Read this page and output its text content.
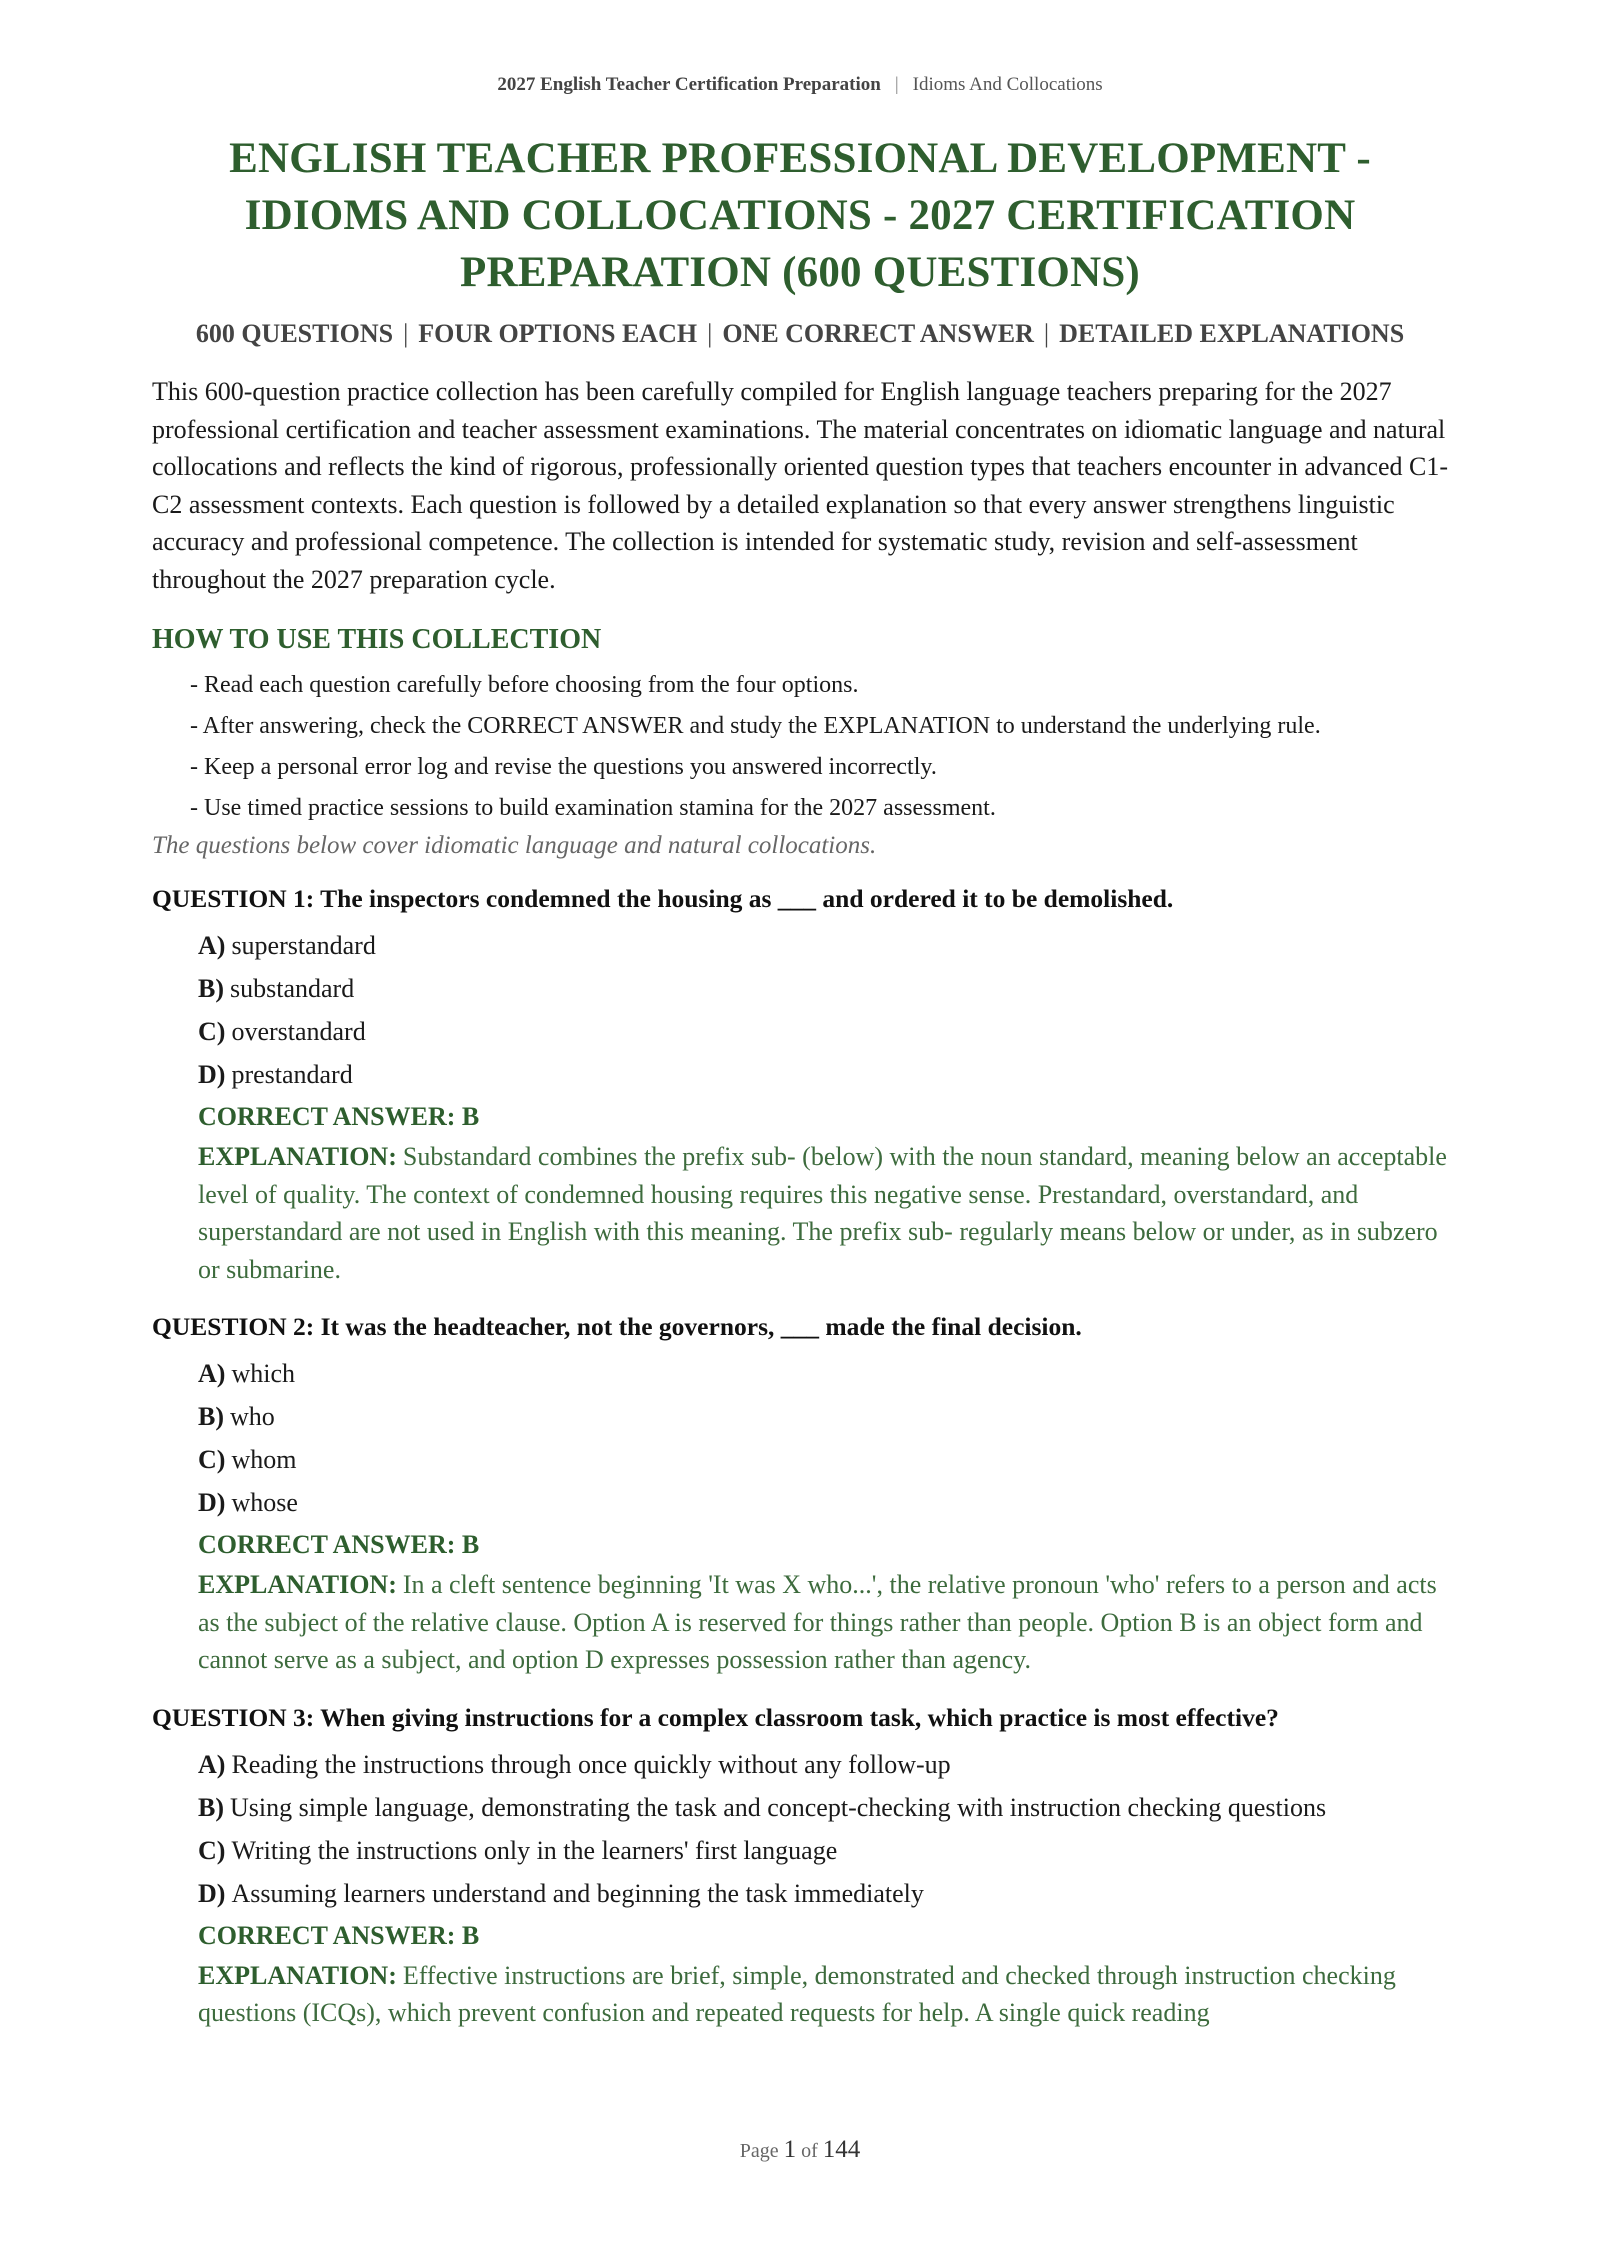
2027 English Teacher Certification Preparation | Idioms And Collocations
ENGLISH TEACHER PROFESSIONAL DEVELOPMENT -
IDIOMS AND COLLOCATIONS - 2027 CERTIFICATION
PREPARATION (600 QUESTIONS)
600 QUESTIONS | FOUR OPTIONS EACH | ONE CORRECT ANSWER | DETAILED EXPLANATIONS

This 600-question practice collection has been carefully compiled for English language teachers preparing for the 2027 professional certification and teacher assessment examinations. The material concentrates on idiomatic language and natural collocations and reflects the kind of rigorous, professionally oriented question types that teachers encounter in advanced C1-C2 assessment contexts. Each question is followed by a detailed explanation so that every answer strengthens linguistic accuracy and professional competence. The collection is intended for systematic study, revision and self-assessment throughout the 2027 preparation cycle.

HOW TO USE THIS COLLECTION
- Read each question carefully before choosing from the four options.
- After answering, check the CORRECT ANSWER and study the EXPLANATION to understand the underlying rule.
- Keep a personal error log and revise the questions you answered incorrectly.
- Use timed practice sessions to build examination stamina for the 2027 assessment.
The questions below cover idiomatic language and natural collocations.
QUESTION 1: The inspectors condemned the housing as ___ and ordered it to be demolished.
A) superstandard
B) substandard
C) overstandard
D) prestandard
CORRECT ANSWER: B
EXPLANATION: Substandard combines the prefix sub- (below) with the noun standard, meaning below an acceptable level of quality. The context of condemned housing requires this negative sense. Prestandard, overstandard, and superstandard are not used in English with this meaning. The prefix sub- regularly means below or under, as in subzero or submarine.
QUESTION 2: It was the headteacher, not the governors, ___ made the final decision.
A) which
B) who
C) whom
D) whose
CORRECT ANSWER: B
EXPLANATION: In a cleft sentence beginning 'It was X who...', the relative pronoun 'who' refers to a person and acts as the subject of the relative clause. Option A is reserved for things rather than people. Option B is an object form and cannot serve as a subject, and option D expresses possession rather than agency.
QUESTION 3: When giving instructions for a complex classroom task, which practice is most effective?
A) Reading the instructions through once quickly without any follow-up
B) Using simple language, demonstrating the task and concept-checking with instruction checking questions
C) Writing the instructions only in the learners' first language
D) Assuming learners understand and beginning the task immediately
CORRECT ANSWER: B
EXPLANATION: Effective instructions are brief, simple, demonstrated and checked through instruction checking questions (ICQs), which prevent confusion and repeated requests for help. A single quick reading
Page 1 of 144
